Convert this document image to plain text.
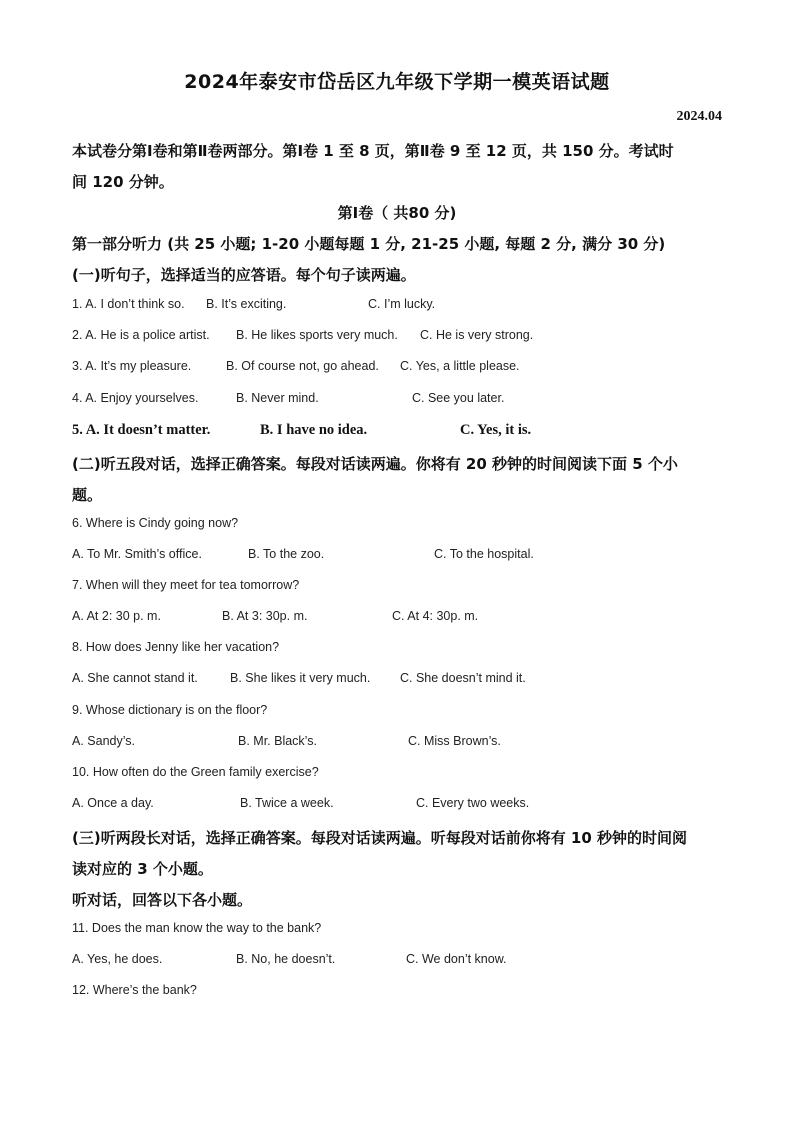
2024年泰安市岱岳区九年级下学期一模英语试题
2024.04
本试卷分第Ⅰ卷和第Ⅱ卷两部分。第Ⅰ卷 1 至 8 页，第Ⅱ卷 9 至 12 页，共 150 分。考试时
间 120 分钟。
第Ⅰ卷（ 共80 分)
第一部分听力 (共 25 小题; 1-20 小题每题 1 分, 21-25 小题, 每题 2 分, 满分 30 分)
(一)听句子，选择适当的应答语。每个句子读两遍。
1. A. I don’t think so. B. It’s exciting.	C. I’m lucky.
2. A. He is a police artist. B. He likes sports very much. C. He is very strong.
3. A. It’s my pleasure.	B. Of course not, go ahead. C. Yes, a little please.
4. A. Enjoy yourselves.	B. Never mind.	C. See you later.
5. A. It doesn’t matter.	B. I have no idea.	C. Yes, it is.
(二)听五段对话，选择正确答案。每段对话读两遍。你将有 20 秒钟的时间阅读下面 5 个小
题。
6. Where is Cindy going now?
A. To Mr. Smith’s office.	B. To the zoo.	C. To the hospital.
7. When will they meet for tea tomorrow?
A. At 2: 30 p. m.	B. At 3: 30p. m.	C. At 4: 30p. m.
8. How does Jenny like her vacation?
A. She cannot stand it.	B. She likes it very much. C. She doesn’t mind it.
9. Whose dictionary is on the floor?
A. Sandy’s.	B. Mr. Black’s.	C. Miss Brown’s.
10. How often do the Green family exercise?
A. Once a day.	B. Twice a week.	C. Every two weeks.
(三)听两段长对话，选择正确答案。每段对话读两遍。听每段对话前你将有 10 秒钟的时间阅
读对应的 3 个小题。
听对话，回答以下各小题。
11. Does the man know the way to the bank?
A. Yes, he does.	B. No, he doesn’t.	C. We don’t know.
12. Where’s the bank?
